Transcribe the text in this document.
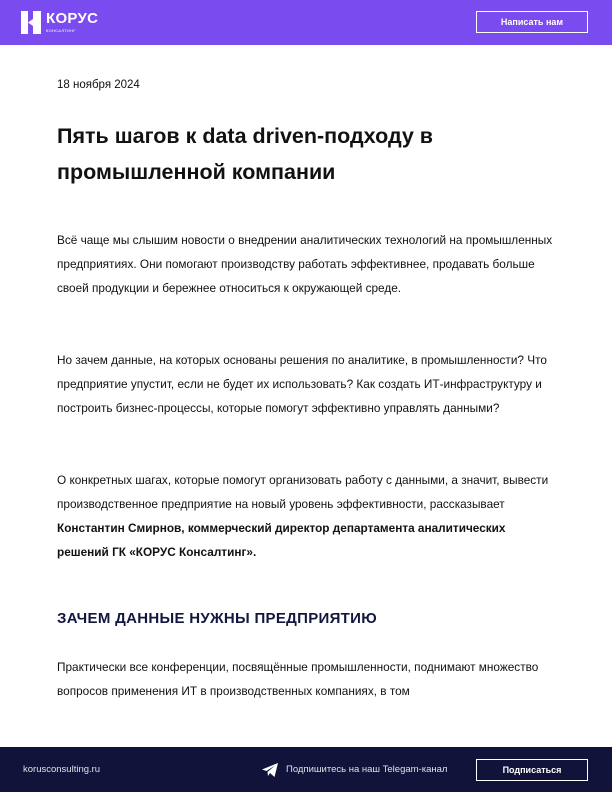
КОРУС
КОНСАЛТИНГ
Написать нам
18 ноября 2024
Пять шагов к data driven-подходу в промышленной компании

Всё чаще мы слышим новости о внедрении аналитических технологий на промышленных предприятиях. Они помогают производству работать эффективнее, продавать больше своей продукции и бережнее относиться к окружающей среде.

Но зачем данные, на которых основаны решения по аналитике, в промышленности? Что предприятие упустит, если не будет их использовать? Как создать ИТ-инфраструктуру и построить бизнес-процессы, которые помогут эффективно управлять данными?

О конкретных шагах, которые помогут организовать работу с данными, а значит, вывести производственное предприятие на новый уровень эффективности, рассказывает Константин Смирнов, коммерческий директор департамента аналитических решений ГК «КОРУС Консалтинг».

ЗАЧЕМ ДАННЫЕ НУЖНЫ ПРЕДПРИЯТИЮ

Практически все конференции, посвящённые промышленности, поднимают множество вопросов применения ИТ в производственных компаниях, в том

korusconsulting.ru	Подпишитесь на наш Telegam-канал	Подписаться
